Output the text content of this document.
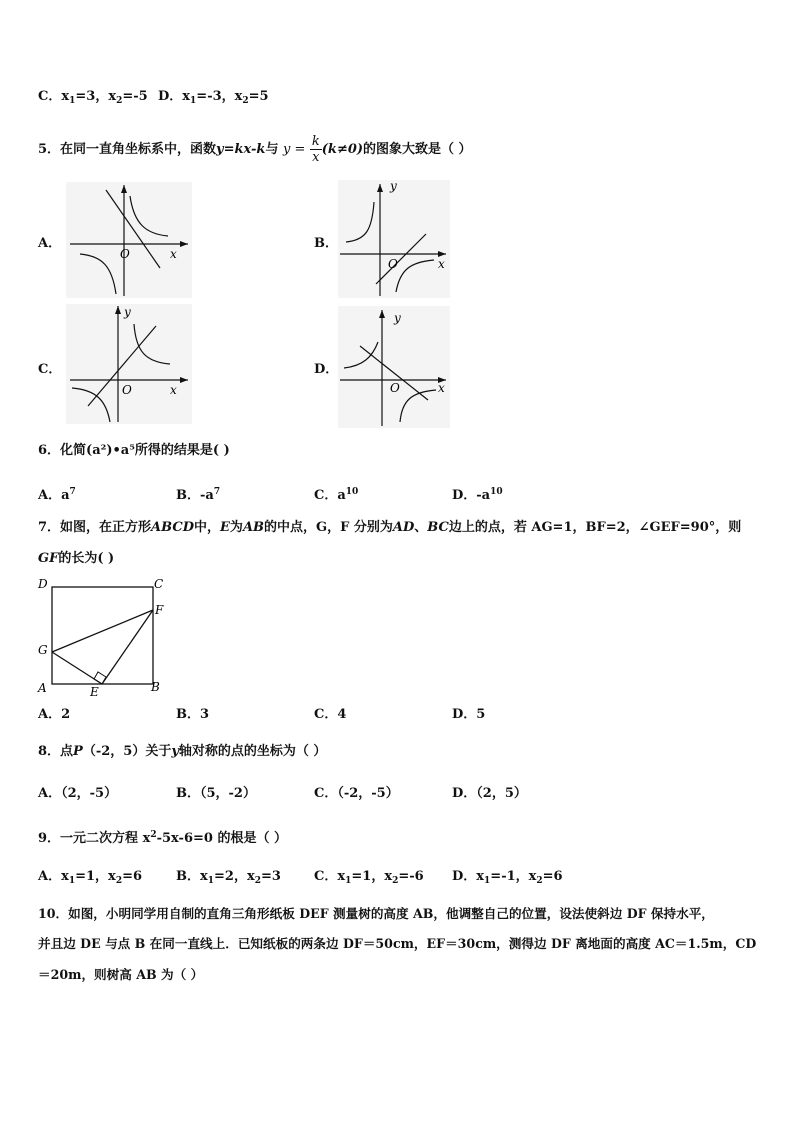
C．$x_1=3$，$x_2=-5$ D．$x_1=-3$，$x_2=5$
5．在同一直角坐标系中，函数y=kx-k与 $y = \frac{k}{x} (k\ne 0)$的图象大致是（ ）
A．	B．
C．	D．
O	x
y
O	x
y
O	x
y
O	x
6．化简(a²)•a⁵所得的结果是( )
A．$a^7$	B．$-a^7$	C．$a^{10}$	D．$-a^{10}$
7．如图，在正方形ABCD中，E为AB的中点，G，F 分别为AD、BC边上的点，若 AG=1，BF=2，∠GEF=90°，则
GF的长为( )
D	C
F
G
A	E	B
A．2	B．3	C．4	D．5
8．点P（-2，5）关于y轴对称的点的坐标为（ ）
A．（2，-5）	B．（5，-2）	C．（-2，-5）	D．（2，5）
9．一元二次方程 $x^2-5x-6=0$ 的根是（ ）
A．$x_1=1$，$x_2=6$	B．$x_1=2$，$x_2=3$	C．$x_1=1$，$x_2=-6$ D．$x_1=-1$，$x_2=6$
10．如图，小明同学用自制的直角三角形纸板 DEF 测量树的高度 AB，他调整自己的位置，设法使斜边 DF 保持水平，
并且边 DE 与点 B 在同一直线上．已知纸板的两条边 DF＝50cm，EF＝30cm，测得边 DF 离地面的高度 AC＝1.5m，CD
＝20m，则树高 AB 为（ ）
